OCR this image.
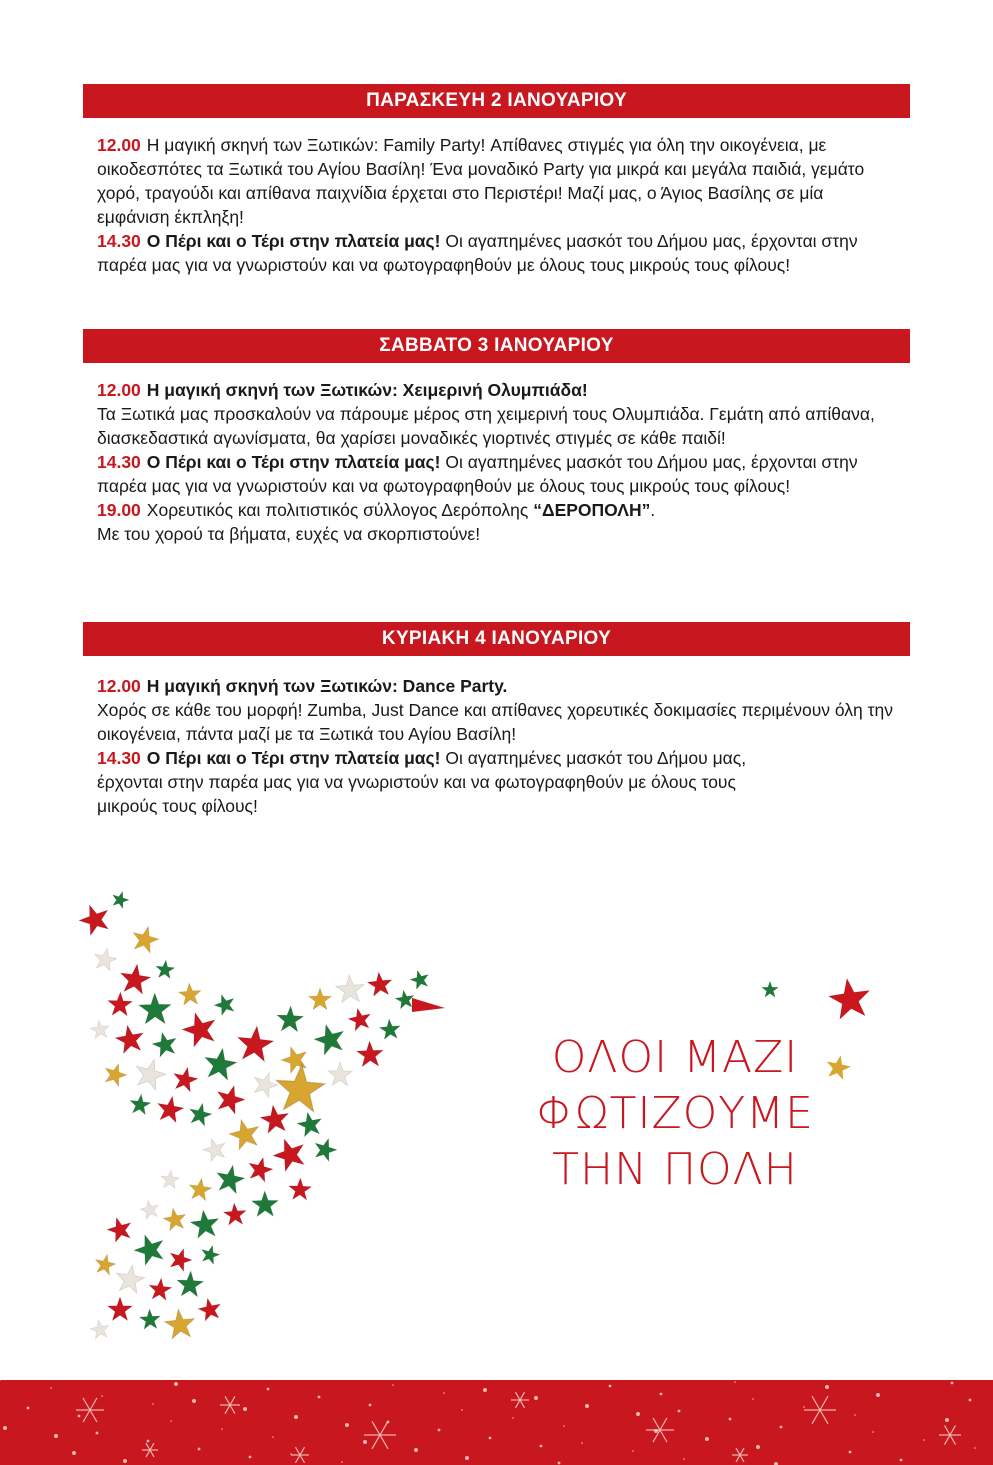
ΠΑΡΑΣΚΕΥΗ 2 ΙΑΝΟΥΑΡΙΟΥ

12.00 Η μαγική σκηνή των Ξωτικών: Family Party! Απίθανες στιγμές για όλη την οικογένεια, με οικοδεσπότες τα Ξωτικά του Αγίου Βασίλη! Ένα μοναδικό Party για μικρά και μεγάλα παιδιά, γεμάτο χορό, τραγούδι και απίθανα παιχνίδια έρχεται στο Περιστέρι! Μαζί μας, ο Άγιος Βασίλης σε μία εμφάνιση έκπληξη!

14.30 Ο Πέρι και ο Τέρι στην πλατεία μας! Οι αγαπημένες μασκότ του Δήμου μας, έρχονται στην παρέα μας για να γνωριστούν και να φωτογραφηθούν με όλους τους μικρούς τους φίλους!

ΣΑΒΒΑΤΟ 3 ΙΑΝΟΥΑΡΙΟΥ

12.00 Η μαγική σκηνή των Ξωτικών: Χειμερινή Ολυμπιάδα!
Τα Ξωτικά μας προσκαλούν να πάρουμε μέρος στη χειμερινή τους Ολυμπιάδα. Γεμάτη από απίθανα, διασκεδαστικά αγωνίσματα, θα χαρίσει μοναδικές γιορτινές στιγμές σε κάθε παιδί!

14.30 Ο Πέρι και ο Τέρι στην πλατεία μας! Οι αγαπημένες μασκότ του Δήμου μας, έρχονται στην παρέα μας για να γνωριστούν και να φωτογραφηθούν με όλους τους μικρούς τους φίλους!

19.00 Χορευτικός και πολιτιστικός σύλλογος Δερόπολης “ΔΕΡΟΠΟΛΗ”.
Με του χορού τα βήματα, ευχές να σκορπιστούνε!

ΚΥΡΙΑΚΗ 4 ΙΑΝΟΥΑΡΙΟΥ

12.00 Η μαγική σκηνή των Ξωτικών: Dance Party.
Χορός σε κάθε του μορφή! Zumba, Just Dance και απίθανες χορευτικές δοκιμασίες περιμένουν όλη την οικογένεια, πάντα μαζί με τα Ξωτικά του Αγίου Βασίλη!

14.30 Ο Πέρι και ο Τέρι στην πλατεία μας! Οι αγαπημένες μασκότ του Δήμου μας, έρχονται στην παρέα μας για να γνωριστούν και να φωτογραφηθούν με όλους τους μικρούς τους φίλους!

ΟΛΟΙ ΜΑΖΙ
ΦΩΤΙΖΟΥΜΕ
ΤΗΝ ΠΟΛΗ
